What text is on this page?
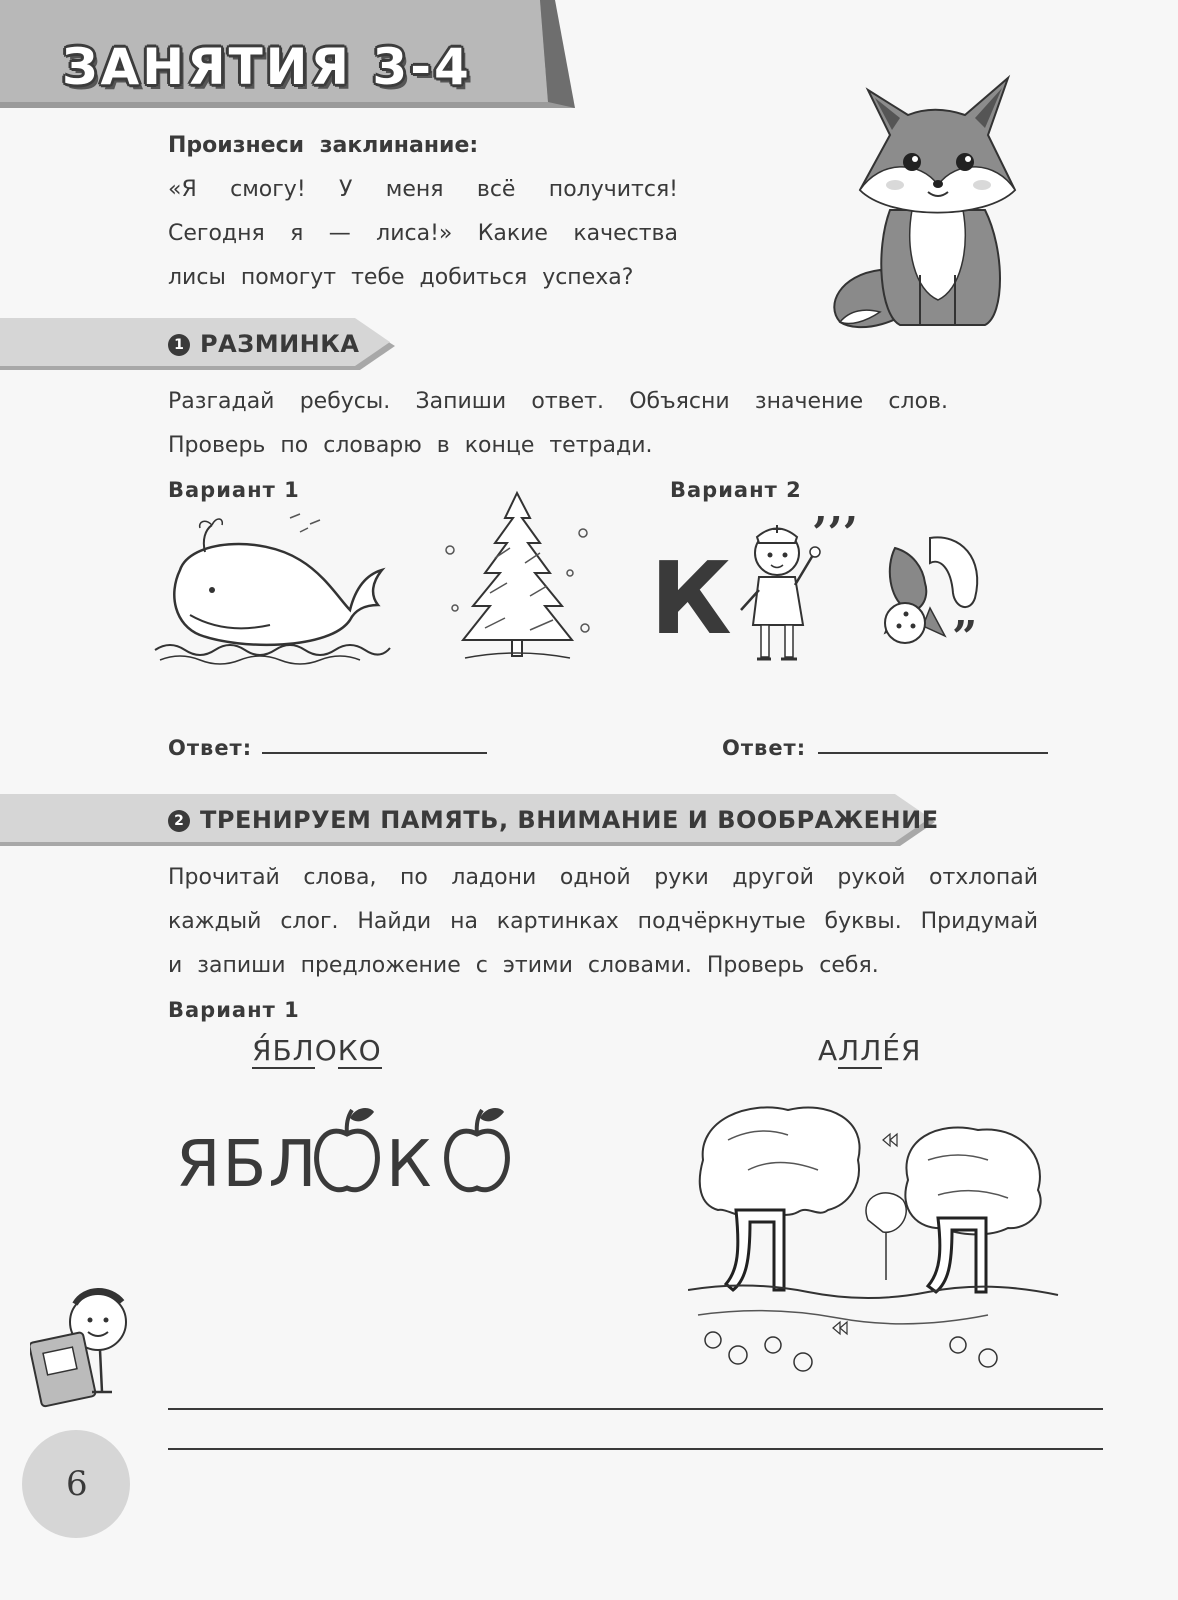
ЗАНЯТИЯ 3-4
Произнеси заклинание:
«Я смогу! У меня всё получится!
Сегодня я — лиса!» Какие качества
лисы помогут тебе добиться успеха?
1 РАЗМИНКА
Разгадай ребусы. Запиши ответ. Объясни значение слов.
Проверь по словарю в конце тетради.
Вариант 1	Вариант 2
К
’’’
”
Ответ:	Ответ:
2 ТРЕНИРУЕМ ПАМЯТЬ, ВНИМАНИЕ И ВООБРАЖЕНИЕ
Прочитай слова, по ладони одной руки другой рукой отхлопай
каждый слог. Найди на картинках подчёркнутые буквы. Придумай
и запиши предложение с этими словами. Проверь себя.
Вариант 1
Я́БЛОКО	АЛЛЕ́Я
ЯБЛ К
6
